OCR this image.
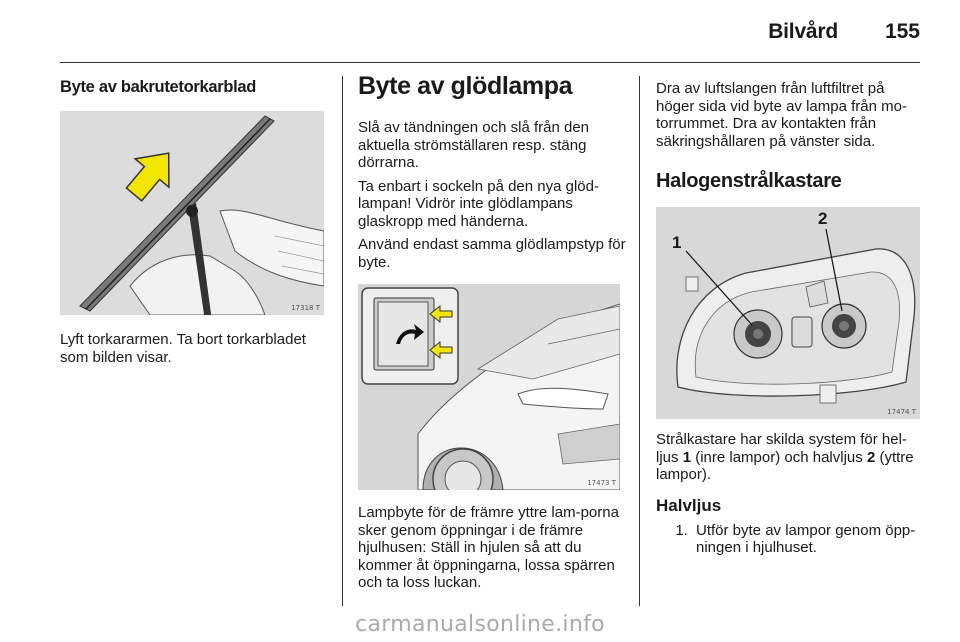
Bilvård 155
Byte av bakrutetorkarblad
17318 T

Lyft torkararmen. Ta bort torkarbladet som bilden visar.

Byte av glödlampa

Slå av tändningen och slå från den aktuella strömställaren resp. stäng dörrarna.

Ta enbart i sockeln på den nya glöd-lampan! Vidrör inte glödlampans glaskropp med händerna.

Använd endast samma glödlampstyp för byte.

17473 T

Lampbyte för de främre yttre lam-porna sker genom öppningar i de främre hjulhusen: Ställ in hjulen så att du kommer åt öppningarna, lossa spärren och ta loss luckan.

Dra av luftslangen från luftfiltret på höger sida vid byte av lampa från mo-torrummet. Dra av kontakten från säkringshållaren på vänster sida.

Halogenstrålkastare
1
2
17474 T

Strålkastare har skilda system för hel-ljus 1 (inre lampor) och halvljus 2 (yttre lampor).

Halvljus
1. Utför byte av lampor genom öpp-ningen i hjulhuset.
carmanualsonline.info
